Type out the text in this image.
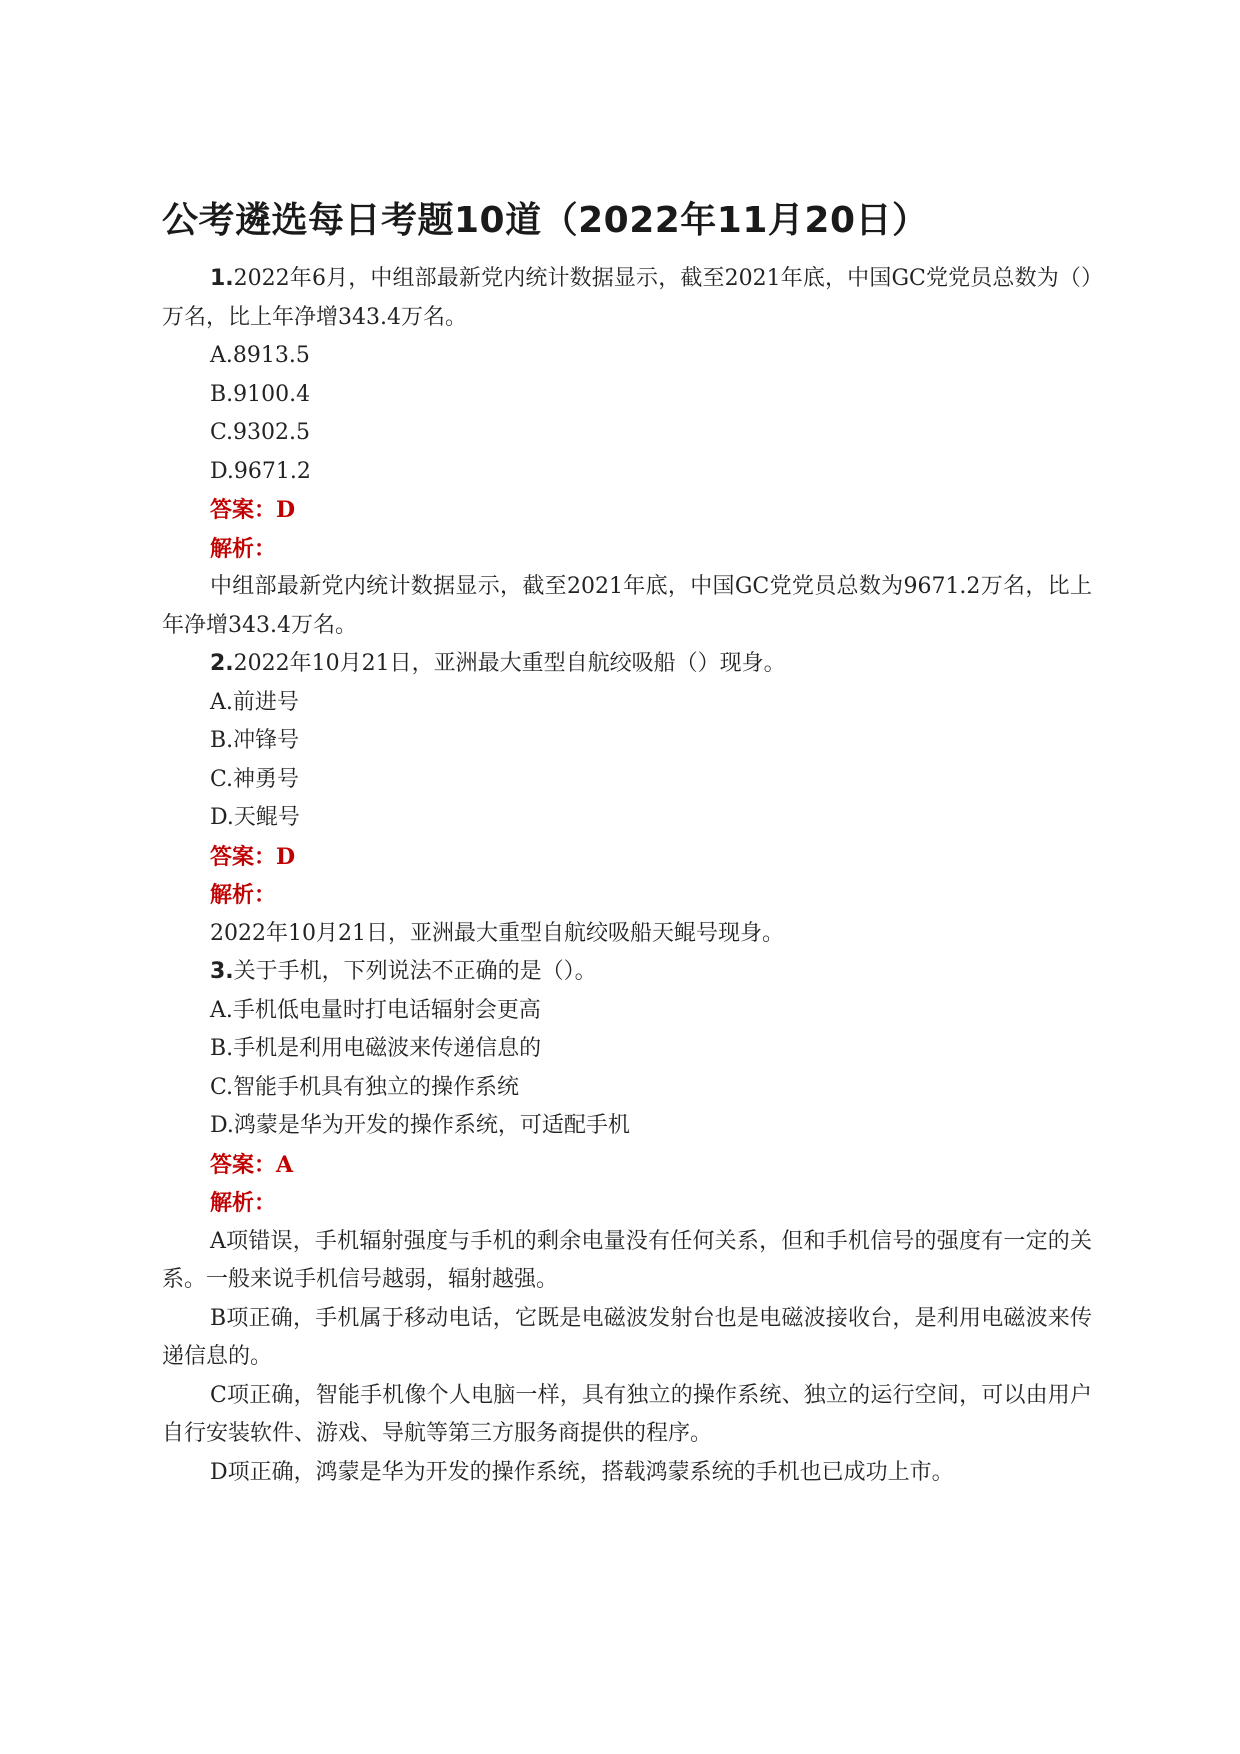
公考遴选每日考题10道（2022年11月20日）

1.2022年6月，中组部最新党内统计数据显示，截至2021年底，中国GC党党员总数为（）万名，比上年净增343.4万名。

A.8913.5

B.9100.4

C.9302.5

D.9671.2

答案：D

解析：

中组部最新党内统计数据显示，截至2021年底，中国GC党党员总数为9671.2万名，比上年净增343.4万名。

2.2022年10月21日，亚洲最大重型自航绞吸船（）现身。

A.前进号

B.冲锋号

C.神勇号

D.天鲲号

答案：D

解析：

2022年10月21日，亚洲最大重型自航绞吸船天鲲号现身。

3.关于手机，下列说法不正确的是（）。

A.手机低电量时打电话辐射会更高

B.手机是利用电磁波来传递信息的

C.智能手机具有独立的操作系统

D.鸿蒙是华为开发的操作系统，可适配手机

答案：A

解析：

A项错误，手机辐射强度与手机的剩余电量没有任何关系，但和手机信号的强度有一定的关系。一般来说手机信号越弱，辐射越强。

B项正确，手机属于移动电话，它既是电磁波发射台也是电磁波接收台，是利用电磁波来传递信息的。

C项正确，智能手机像个人电脑一样，具有独立的操作系统、独立的运行空间，可以由用户自行安装软件、游戏、导航等第三方服务商提供的程序。

D项正确，鸿蒙是华为开发的操作系统，搭载鸿蒙系统的手机也已成功上市。
